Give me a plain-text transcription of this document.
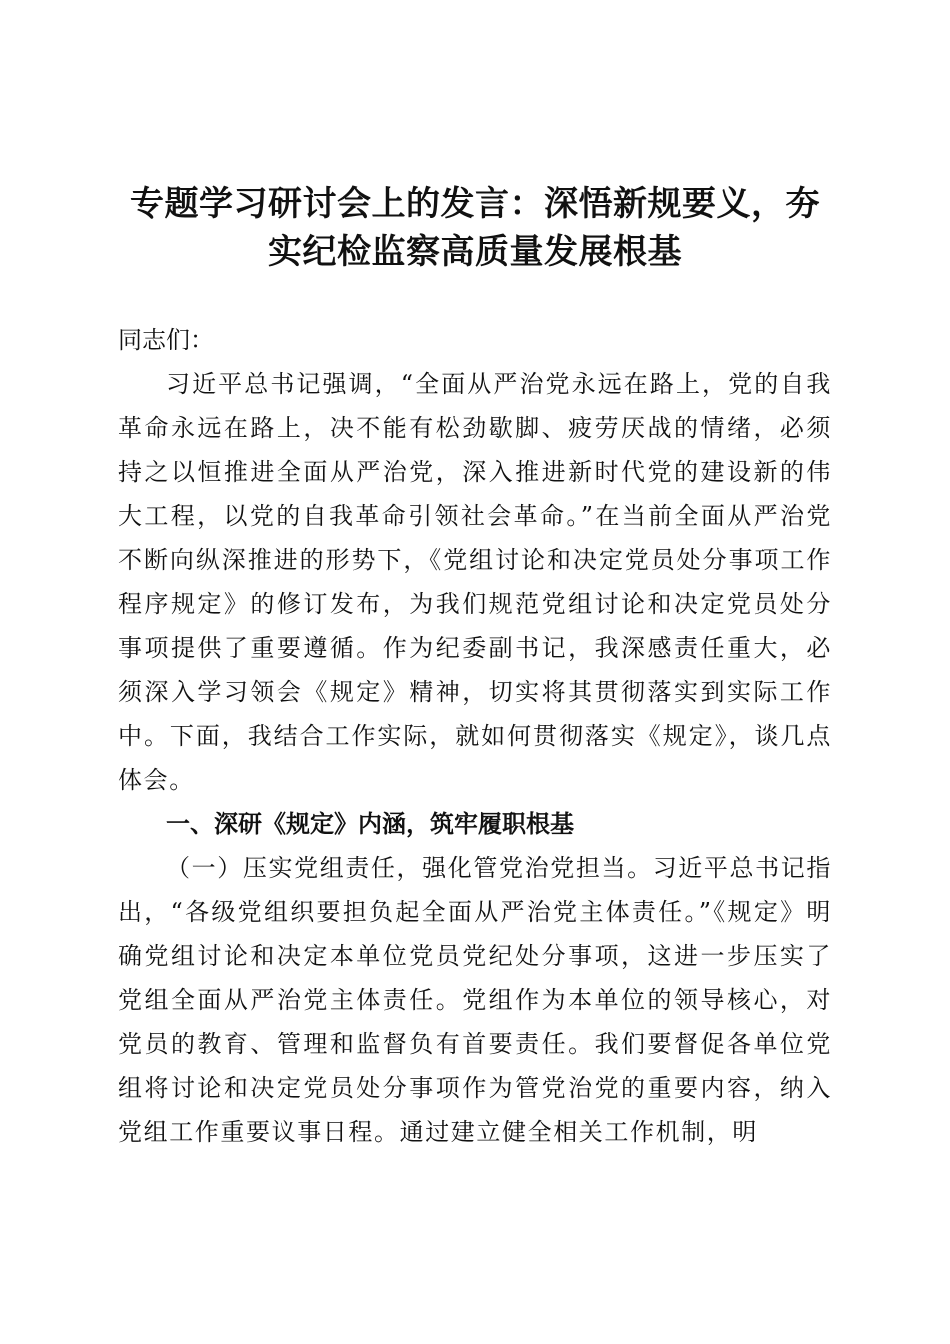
专题学习研讨会上的发言：深悟新规要义，夯
实纪检监察高质量发展根基

同志们：

习近平总书记强调，“全面从严治党永远在路上，党的自我革命永远在路上，决不能有松劲歇脚、疲劳厌战的情绪，必须持之以恒推进全面从严治党，深入推进新时代党的建设新的伟大工程，以党的自我革命引领社会革命。”在当前全面从严治党不断向纵深推进的形势下，《党组讨论和决定党员处分事项工作程序规定》的修订发布，为我们规范党组讨论和决定党员处分事项提供了重要遵循。作为纪委副书记，我深感责任重大，必须深入学习领会《规定》精神，切实将其贯彻落实到实际工作中。下面，我结合工作实际，就如何贯彻落实《规定》，谈几点体会。

一、深研《规定》内涵，筑牢履职根基

（一）压实党组责任，强化管党治党担当。习近平总书记指出，“各级党组织要担负起全面从严治党主体责任。”《规定》明确党组讨论和决定本单位党员党纪处分事项，这进一步压实了党组全面从严治党主体责任。党组作为本单位的领导核心，对党员的教育、管理和监督负有首要责任。我们要督促各单位党组将讨论和决定党员处分事项作为管党治党的重要内容，纳入党组工作重要议事日程。通过建立健全相关工作机制，明
